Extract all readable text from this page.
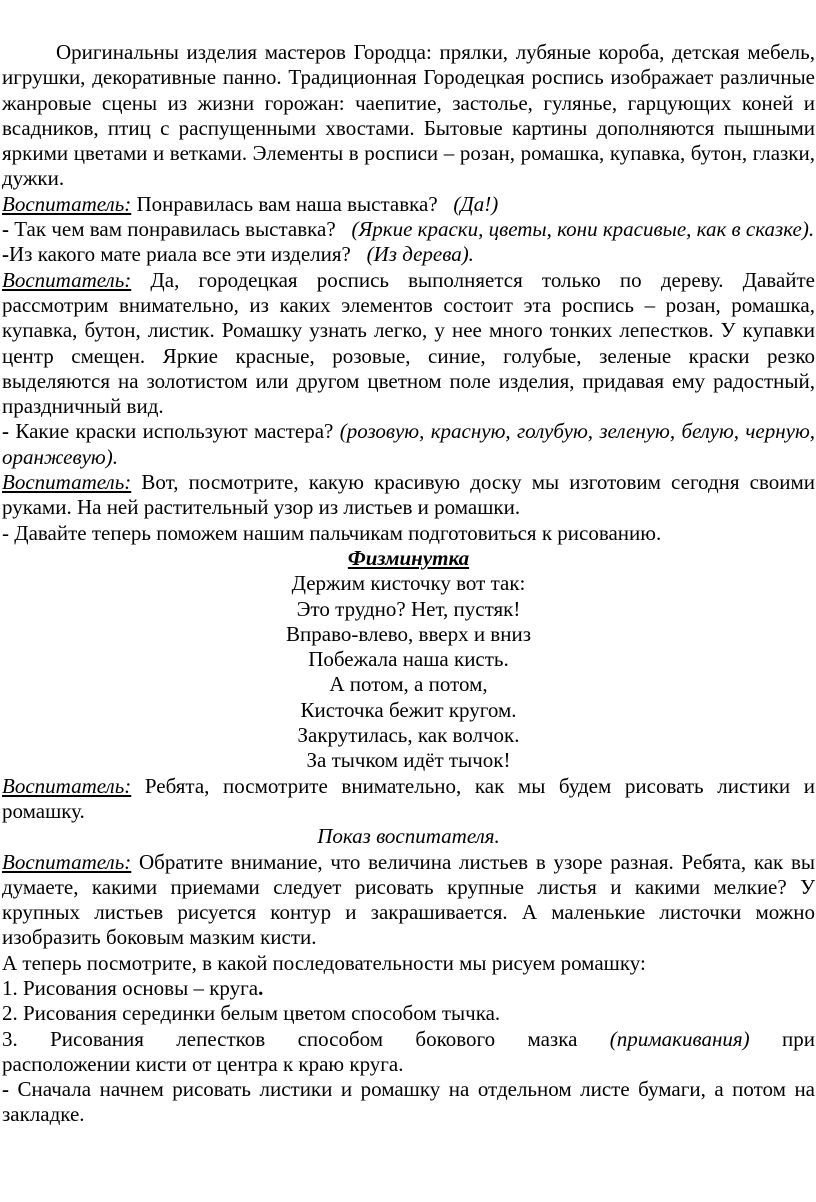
Оригинальны изделия мастеров Городца: прялки, лубяные короба, детская мебель, игрушки, декоративные панно. Традиционная Городецкая роспись изображает различные жанровые сцены из жизни горожан: чаепитие, застолье, гулянье, гарцующих коней и всадников, птиц с распущенными хвостами. Бытовые картины дополняются пышными яркими цветами и ветками. Элементы в росписи – розан, ромашка, купавка, бутон, глазки, дужки.

Воспитатель: Понравилась вам наша выставка? (Да!)

- Так чем вам понравилась выставка? (Яркие краски, цветы, кони красивые, как в сказке).

-Из какого мате риала все эти изделия? (Из дерева).

Воспитатель: Да, городецкая роспись выполняется только по дереву. Давайте рассмотрим внимательно, из каких элементов состоит эта роспись – розан, ромашка, купавка, бутон, листик. Ромашку узнать легко, у нее много тонких лепестков. У купавки центр смещен. Яркие красные, розовые, синие, голубые, зеленые краски резко выделяются на золотистом или другом цветном поле изделия, придавая ему радостный, праздничный вид.

- Какие краски используют мастера? (розовую, красную, голубую, зеленую, белую, черную, оранжевую).

Воспитатель: Вот, посмотрите, какую красивую доску мы изготовим сегодня своими руками. На ней растительный узор из листьев и ромашки.

- Давайте теперь поможем нашим пальчикам подготовиться к рисованию.

Физминутка

Держим кисточку вот так:

Это трудно? Нет, пустяк!

Вправо-влево, вверх и вниз

Побежала наша кисть.

А потом, а потом,

Кисточка бежит кругом.

Закрутилась, как волчок.

За тычком идёт тычок!

Воспитатель: Ребята, посмотрите внимательно, как мы будем рисовать листики и ромашку.

Показ воспитателя.

Воспитатель: Обратите внимание, что величина листьев в узоре разная. Ребята, как вы думаете, какими приемами следует рисовать крупные листья и какими мелкие? У крупных листьев рисуется контур и закрашивается. А маленькие листочки можно изобразить боковым мазким кисти.

А теперь посмотрите, в какой последовательности мы рисуем ромашку:

1. Рисования основы – круга.

2. Рисования серединки белым цветом способом тычка.

3. Рисования лепестков способом бокового мазка (примакивания) при

расположении кисти от центра к краю круга.

- Сначала начнем рисовать листики и ромашку на отдельном листе бумаги, а потом на закладке.
